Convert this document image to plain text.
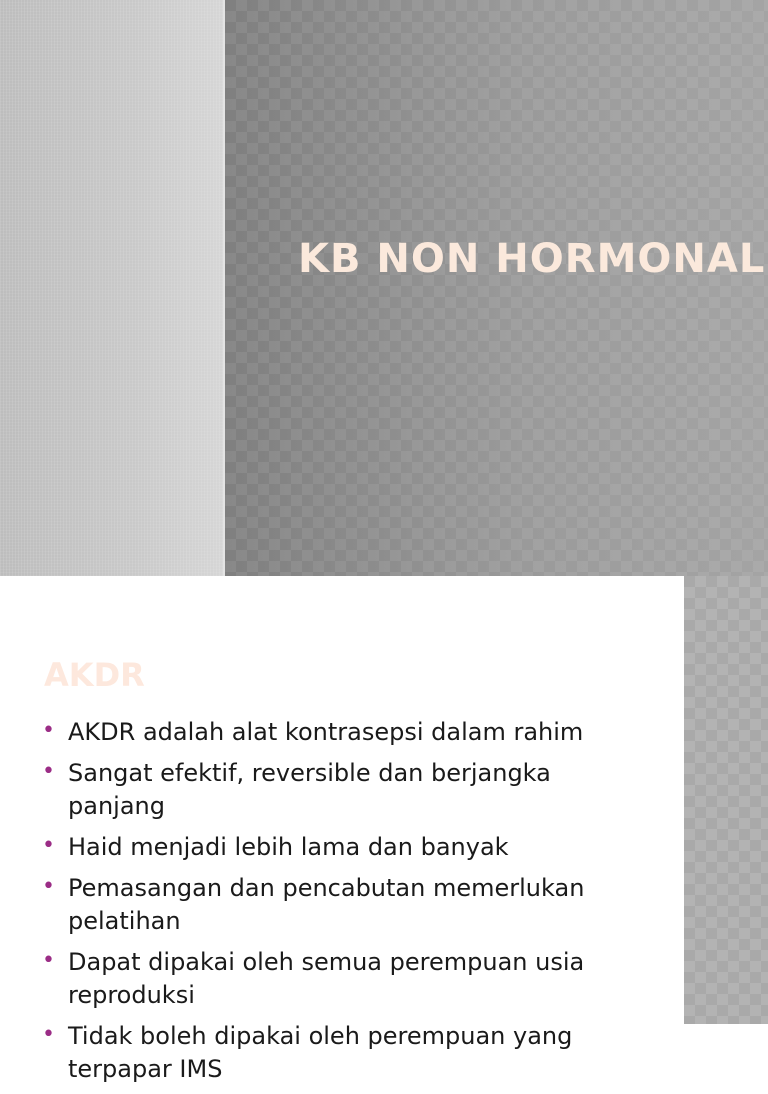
KB NON HORMONAL
AKDR
• AKDR adalah alat kontrasepsi dalam rahim
• Sangat efektif, reversible dan berjangka panjang
• Haid menjadi lebih lama dan banyak
• Pemasangan dan pencabutan memerlukan pelatihan
• Dapat dipakai oleh semua perempuan usia reproduksi
• Tidak boleh dipakai oleh perempuan yang terpapar IMS
